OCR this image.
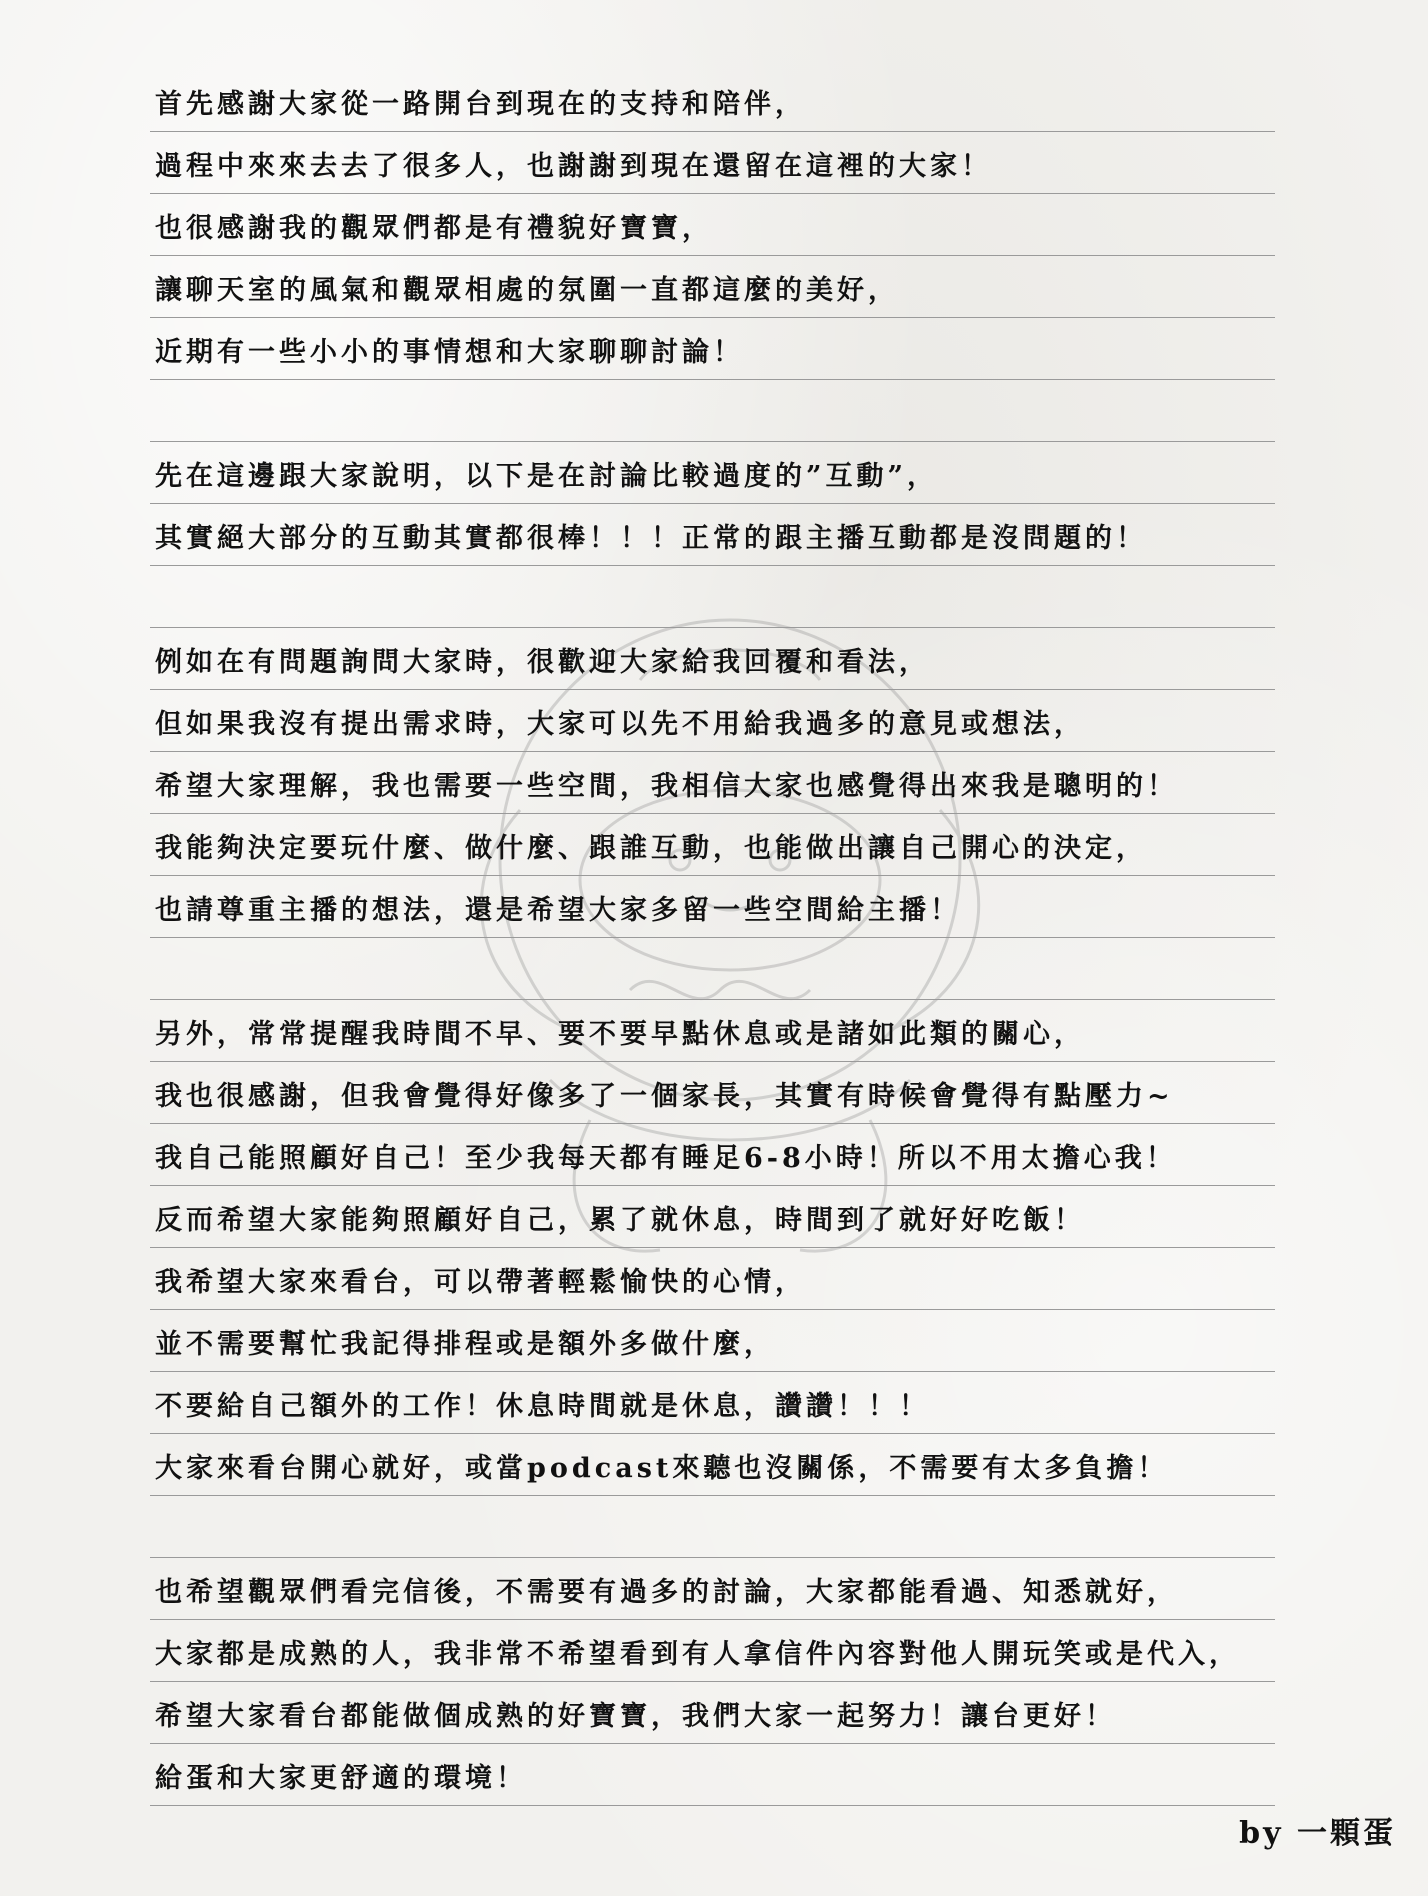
首先感謝大家從一路開台到現在的支持和陪伴，
過程中來來去去了很多人，也謝謝到現在還留在這裡的大家！
也很感謝我的觀眾們都是有禮貌好寶寶，
讓聊天室的風氣和觀眾相處的氛圍一直都這麼的美好，
近期有一些小小的事情想和大家聊聊討論！
先在這邊跟大家說明，以下是在討論比較過度的”互動”，
其實絕大部分的互動其實都很棒！！！正常的跟主播互動都是沒問題的！
例如在有問題詢問大家時，很歡迎大家給我回覆和看法，
但如果我沒有提出需求時，大家可以先不用給我過多的意見或想法，
希望大家理解，我也需要一些空間，我相信大家也感覺得出來我是聰明的！
我能夠決定要玩什麼、做什麼、跟誰互動，也能做出讓自己開心的決定，
也請尊重主播的想法，還是希望大家多留一些空間給主播！
另外，常常提醒我時間不早、要不要早點休息或是諸如此類的關心，
我也很感謝，但我會覺得好像多了一個家長，其實有時候會覺得有點壓力~
我自己能照顧好自己！至少我每天都有睡足6-8小時！所以不用太擔心我！
反而希望大家能夠照顧好自己，累了就休息，時間到了就好好吃飯！
我希望大家來看台，可以帶著輕鬆愉快的心情，
並不需要幫忙我記得排程或是額外多做什麼，
不要給自己額外的工作！休息時間就是休息，讚讚！！！
大家來看台開心就好，或當podcast來聽也沒關係，不需要有太多負擔！
也希望觀眾們看完信後，不需要有過多的討論，大家都能看過、知悉就好，
大家都是成熟的人，我非常不希望看到有人拿信件內容對他人開玩笑或是代入，
希望大家看台都能做個成熟的好寶寶，我們大家一起努力！讓台更好！
給蛋和大家更舒適的環境！
by 一顆蛋
